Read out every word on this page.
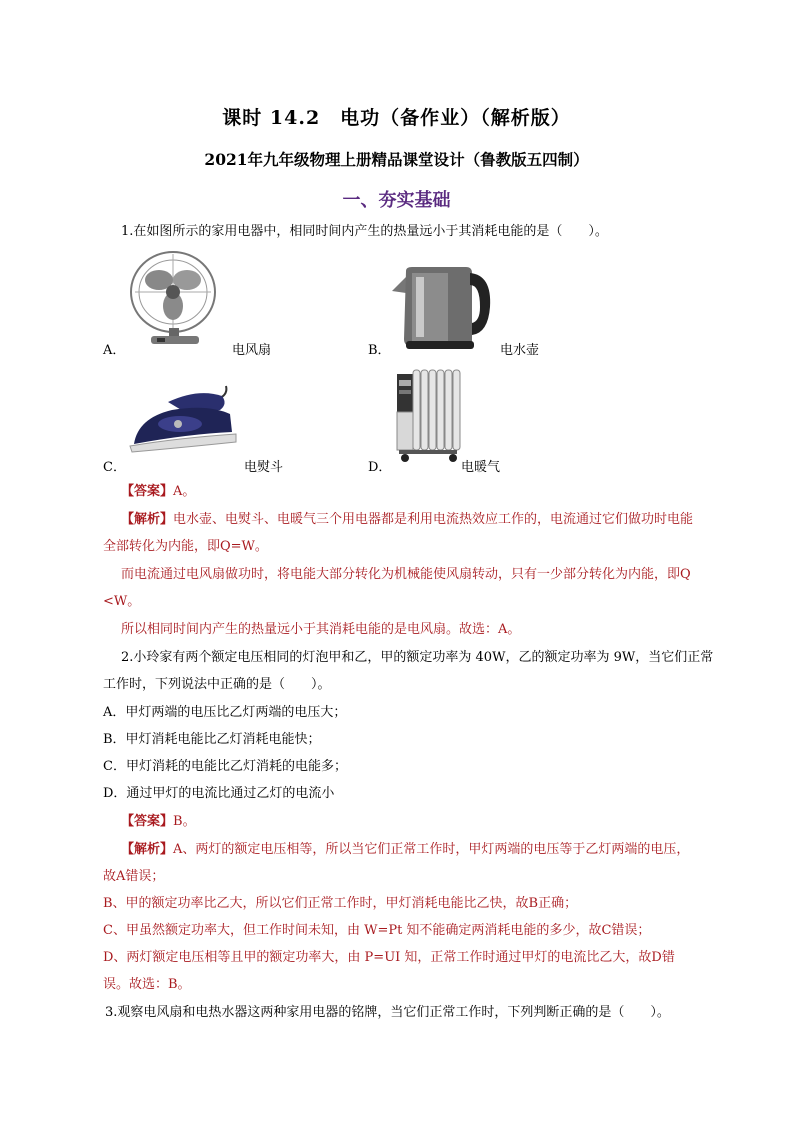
课时 14.2　电功（备作业）（解析版）
2021年九年级物理上册精品课堂设计（鲁教版五四制）
一、夯实基础
1.在如图所示的家用电器中，相同时间内产生的热量远小于其消耗电能的是（　　）。
A．	电风扇	B．	电水壶
C．	电熨斗	D．	电暖气
【答案】A。
【解析】电水壶、电熨斗、电暖气三个用电器都是利用电流热效应工作的，电流通过它们做功时电能
全部转化为内能，即Q=W。
而电流通过电风扇做功时，将电能大部分转化为机械能使风扇转动，只有一少部分转化为内能，即Q
<W。
所以相同时间内产生的热量远小于其消耗电能的是电风扇。故选：A。
2.小玲家有两个额定电压相同的灯泡甲和乙，甲的额定功率为 40W，乙的额定功率为 9W，当它们正常
工作时，下列说法中正确的是（　　）。
A．甲灯两端的电压比乙灯两端的电压大；
B．甲灯消耗电能比乙灯消耗电能快；
C．甲灯消耗的电能比乙灯消耗的电能多；
D．通过甲灯的电流比通过乙灯的电流小
【答案】B。
【解析】A、两灯的额定电压相等，所以当它们正常工作时，甲灯两端的电压等于乙灯两端的电压，
故A错误；
B、甲的额定功率比乙大，所以它们正常工作时，甲灯消耗电能比乙快，故B正确；
C、甲虽然额定功率大，但工作时间未知，由 W=Pt 知不能确定两消耗电能的多少，故C错误；
D、两灯额定电压相等且甲的额定功率大，由 P=UI 知，正常工作时通过甲灯的电流比乙大，故D错
误。故选：B。
3.观察电风扇和电热水器这两种家用电器的铭牌，当它们正常工作时，下列判断正确的是（　　）。
